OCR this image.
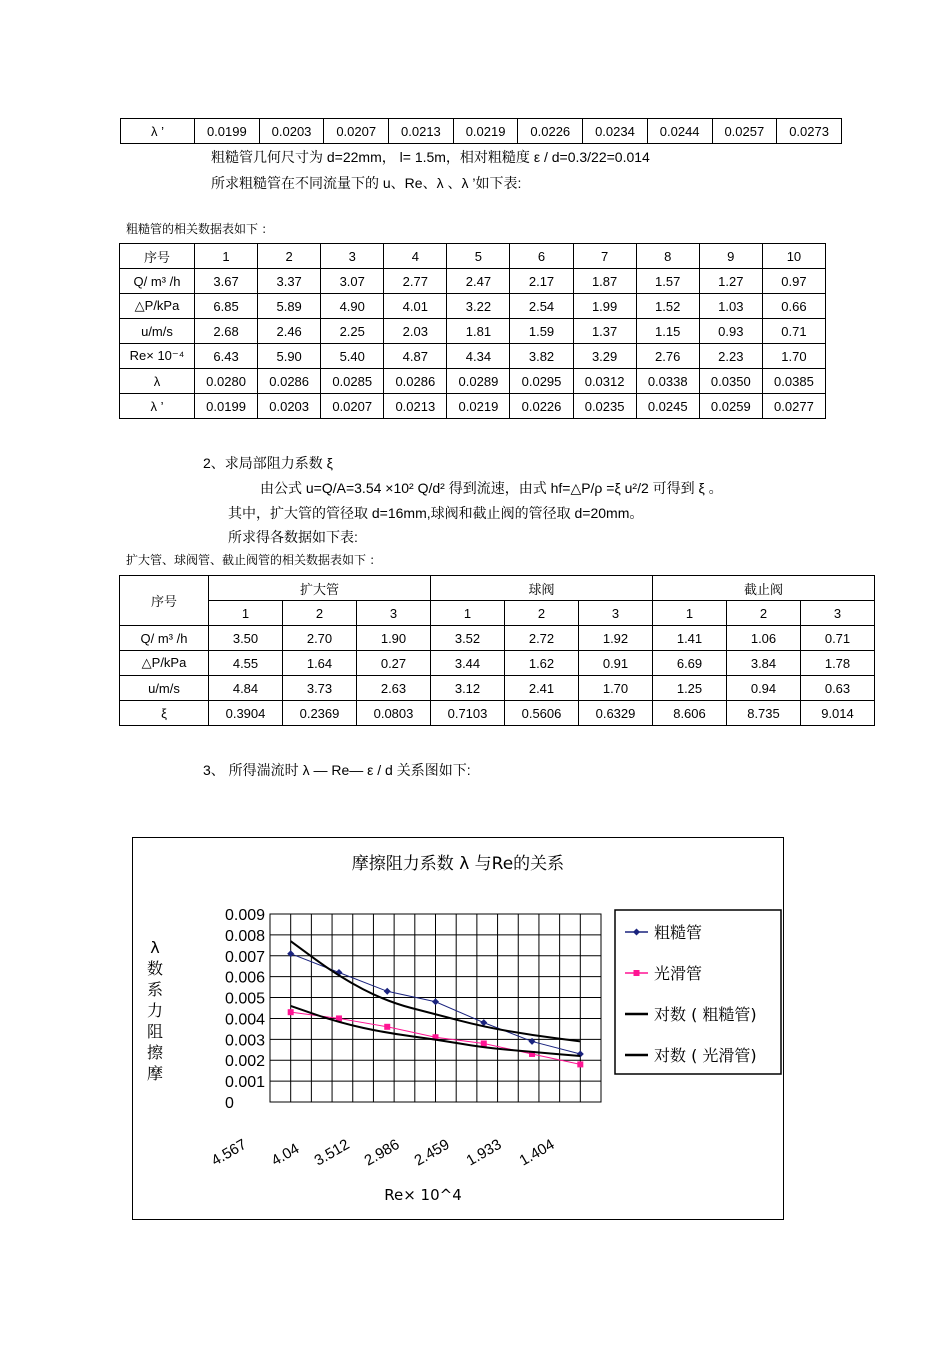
λ ’	0.0199	0.0203	0.0207	0.0213	0.0219	0.0226	0.0234	0.0244	0.0257	0.0273
粗糙管几何尺寸为 d=22mm， l= 1.5m，相对粗糙度 ε / d=0.3/22=0.014
所求粗糙管在不同流量下的 u、Re、λ 、λ ’如下表:
粗糙管的相关数据表如下 ：
序号	1	2	3	4	5	6	7	8	9	10
Q/ m³ /h	3.67	3.37	3.07	2.77	2.47	2.17	1.87	1.57	1.27	0.97
△P/kPa	6.85	5.89	4.90	4.01	3.22	2.54	1.99	1.52	1.03	0.66
u/m/s	2.68	2.46	2.25	2.03	1.81	1.59	1.37	1.15	0.93	0.71
Re× 10⁻⁴	6.43	5.90	5.40	4.87	4.34	3.82	3.29	2.76	2.23	1.70
λ	0.0280	0.0286	0.0285	0.0286	0.0289	0.0295	0.0312	0.0338	0.0350	0.0385
λ ’	0.0199	0.0203	0.0207	0.0213	0.0219	0.0226	0.0235	0.0245	0.0259	0.0277
2、求局部阻力系数 ξ
由公式 u=Q/A=3.54 ×10² Q/d² 得到流速，由式 hf=△P/ρ =ξ u²/2 可得到 ξ 。
其中，扩大管的管径取 d=16mm,球阀和截止阀的管径取 d=20mm。
所求得各数据如下表:
扩大管、球阀管、截止阀管的相关数据表如下 ：
序号	扩大管			球阀			截止阀		
	1	2	3	1	2	3	1	2	3
Q/ m³ /h	3.50	2.70	1.90	3.52	2.72	1.92	1.41	1.06	0.71
△P/kPa	4.55	1.64	0.27	3.44	1.62	0.91	6.69	3.84	1.78
u/m/s	4.84	3.73	2.63	3.12	2.41	1.70	1.25	0.94	0.63
ξ	0.3904	0.2369	0.0803	0.7103	0.5606	0.6329	8.606	8.735	9.014
3、 所得湍流时 λ — Re— ε / d 关系图如下:
0
0.001
0.002
0.003
0.004
0.005
0.006
0.007
0.008
0.009
摩擦阻力系数 λ 与Re的关系
λ
数
系
力
阻
擦
摩
4.567 4.04 3.512 2.986 2.459 1.933 1.404
Re× 10^4
粗糙管
光滑管
对数 ( 粗糙管)
对数 ( 光滑管)
